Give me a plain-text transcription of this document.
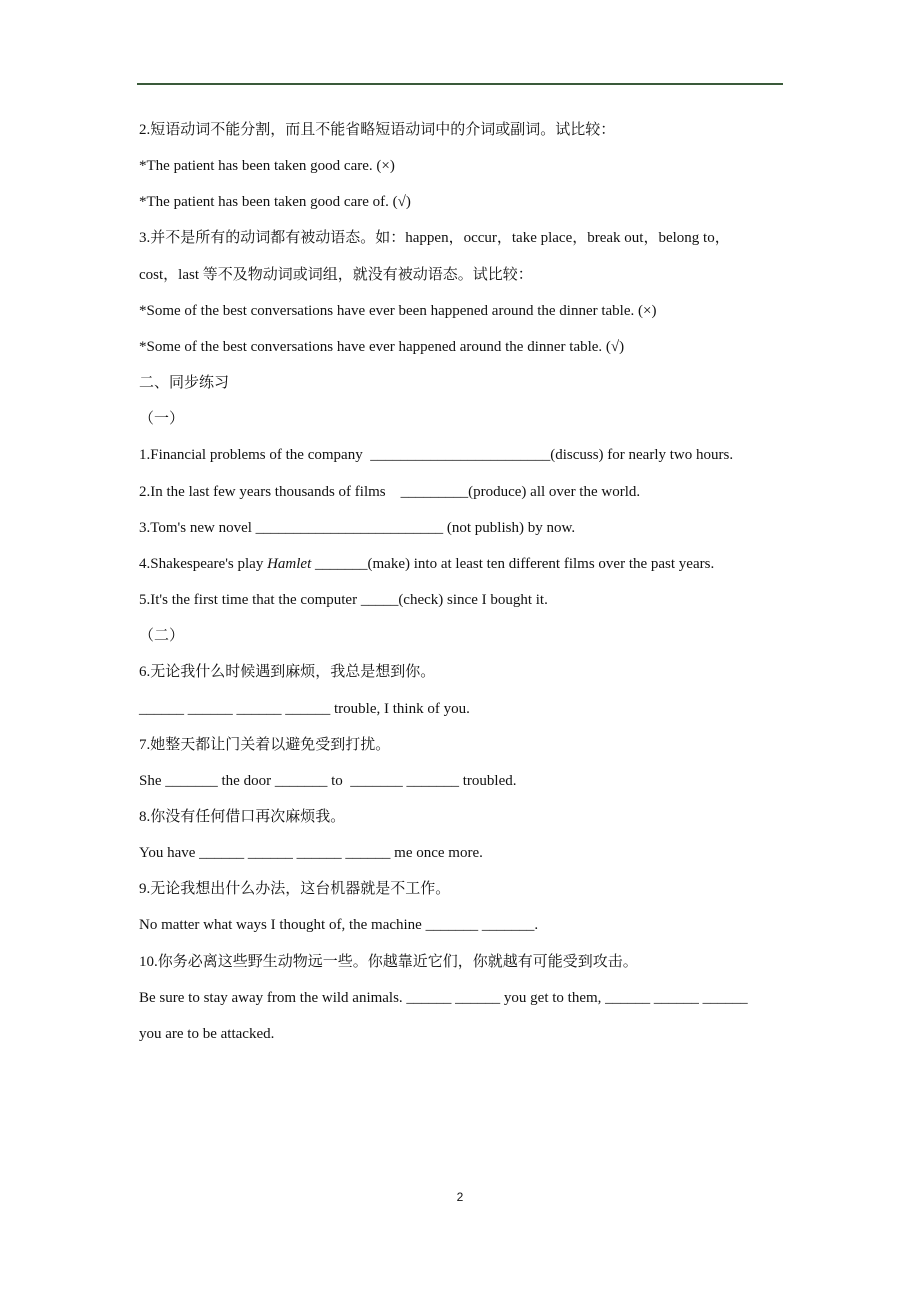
2.短语动词不能分割，而且不能省略短语动词中的介词或副词。试比较：
*The patient has been taken good care. (×)
*The patient has been taken good care of. (√)
3.并不是所有的动词都有被动语态。如：happen，occur，take place，break out，belong to，
cost，last 等不及物动词或词组，就没有被动语态。试比较：
*Some of the best conversations have ever been happened around the dinner table. (×)
*Some of the best conversations have ever happened around the dinner table. (√)
二、同步练习
（一）
1.Financial problems of the company  ________________________(discuss) for nearly two hours.
2.In the last few years thousands of films    _________(produce) all over the world.
3.Tom's new novel _________________________ (not publish) by now.
4.Shakespeare's play Hamlet _______(make) into at least ten different films over the past years.
5.It's the first time that the computer _____(check) since I bought it.
（二）
6.无论我什么时候遇到麻烦，我总是想到你。
______ ______ ______ ______ trouble, I think of you.
7.她整天都让门关着以避免受到打扰。
She _______ the door _______ to  _______ _______ troubled.
8.你没有任何借口再次麻烦我。
You have ______ ______ ______ ______ me once more.
9.无论我想出什么办法，这台机器就是不工作。
No matter what ways I thought of, the machine _______ _______.
10.你务必离这些野生动物远一些。你越靠近它们，你就越有可能受到攻击。
Be sure to stay away from the wild animals. ______ ______ you get to them, ______ ______ ______
you are to be attacked.
2
